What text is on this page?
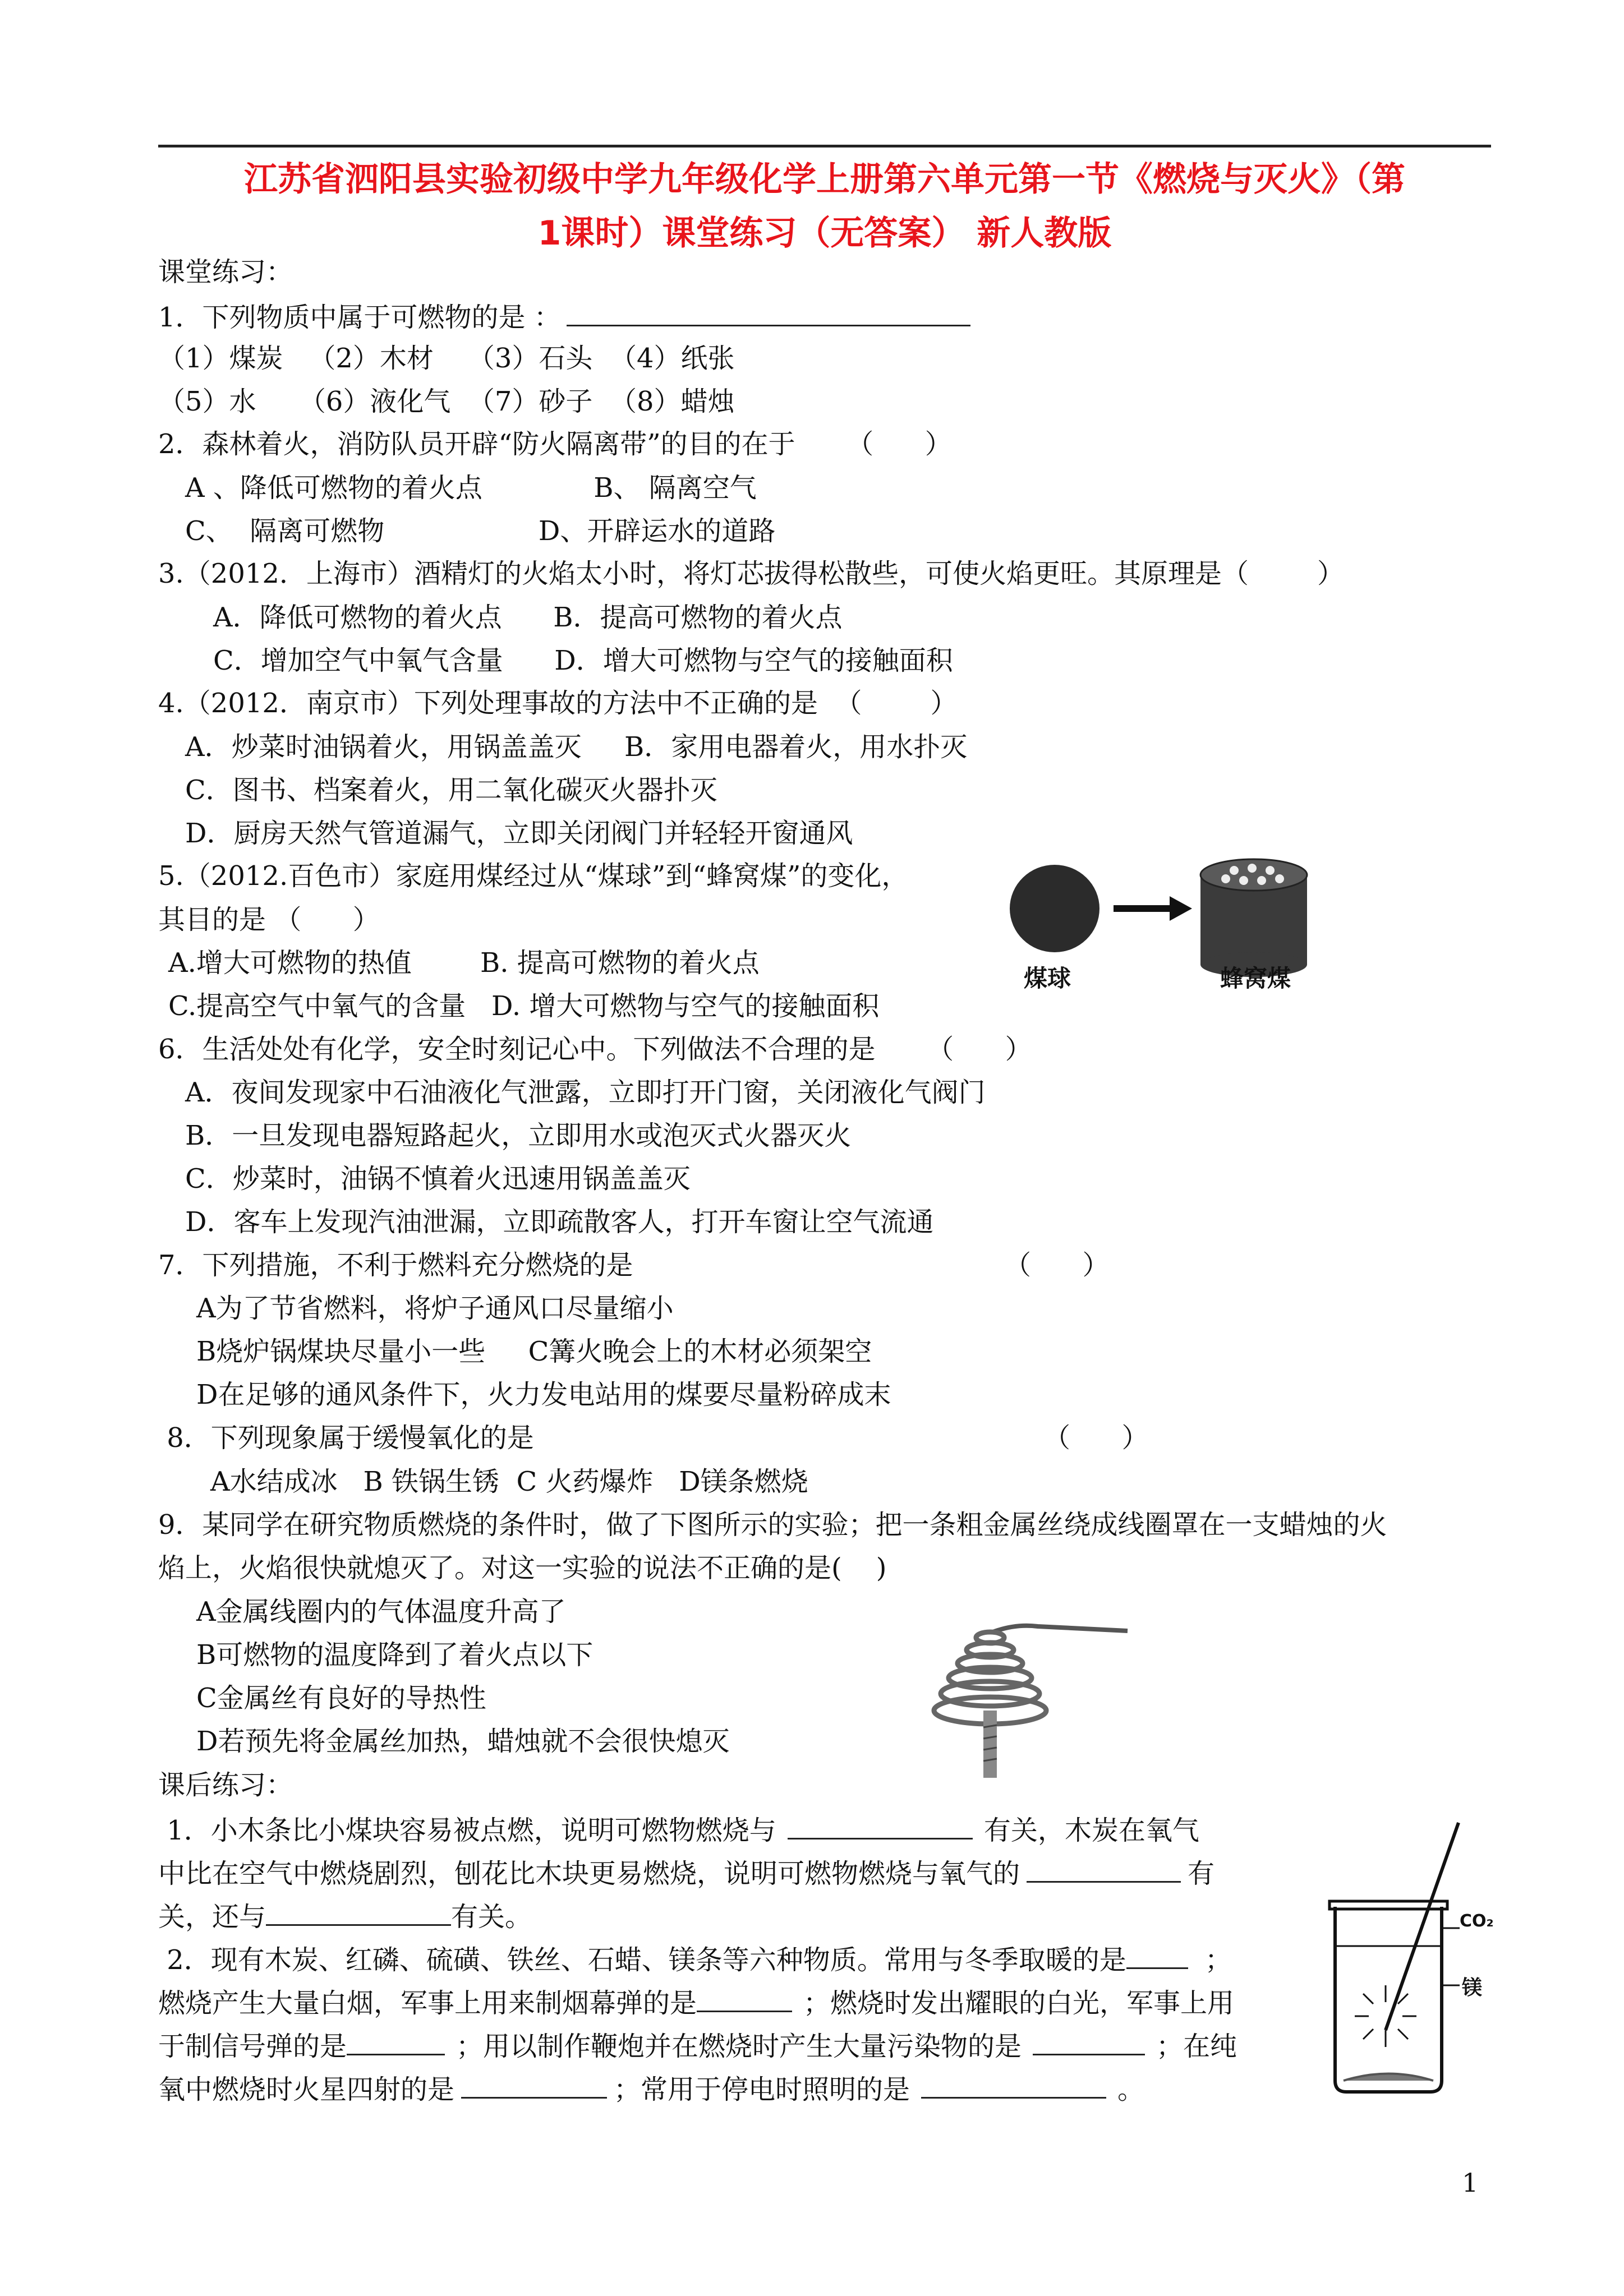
江苏省泗阳县实验初级中学九年级化学上册第六单元第一节《燃烧与灭火》（第
1课时）课堂练习（无答案） 新人教版
课堂练习：
1．下列物质中属于可燃物的是 ：
（1）煤炭   （2）木材    （3）石头  （4）纸张
（5）水     （6）液化气  （7）砂子  （8）蜡烛
2．森林着火，消防队员开辟“防火隔离带”的目的在于      （      ）
A 、降低可燃物的着火点             B、 隔离空气
C、  隔离可燃物                  D、开辟运水的道路
3.（2012．上海市）酒精灯的火焰太小时，将灯芯拔得松散些，可使火焰更旺。其原理是（        ）
A．降低可燃物的着火点      B．提高可燃物的着火点
C．增加空气中氧气含量      D．增大可燃物与空气的接触面积
4.（2012．南京市）下列处理事故的方法中不正确的是  （        ）
A．炒菜时油锅着火，用锅盖盖灭     B．家用电器着火，用水扑灭
C．图书、档案着火，用二氧化碳灭火器扑灭
D．厨房天然气管道漏气，立即关闭阀门并轻轻开窗通风
5.（2012.百色市）家庭用煤经过从“煤球”到“蜂窝煤”的变化，
其目的是 （      ）
A.增大可燃物的热值        B. 提高可燃物的着火点
C.提高空气中氧气的含量   D. 增大可燃物与空气的接触面积
煤球	蜂窝煤
6．生活处处有化学，安全时刻记心中。下列做法不合理的是      （      ）
A．夜间发现家中石油液化气泄露，立即打开门窗，关闭液化气阀门
B．一旦发现电器短路起火，立即用水或泡灭式火器灭火
C．炒菜时，油锅不慎着火迅速用锅盖盖灭
D．客车上发现汽油泄漏，立即疏散客人，打开车窗让空气流通
7．下列措施，不利于燃料充分燃烧的是	（      ）
A为了节省燃料，将炉子通风口尽量缩小
B烧炉锅煤块尽量小一些     C篝火晚会上的木材必须架空
D在足够的通风条件下，火力发电站用的煤要尽量粉碎成末
8．下列现象属于缓慢氧化的是	（      ）
A水结成冰   B 铁锅生锈  C 火药爆炸   D镁条燃烧
9．某同学在研究物质燃烧的条件时，做了下图所示的实验；把一条粗金属丝绕成线圈罩在一支蜡烛的火
焰上，火焰很快就熄灭了。对这一实验的说法不正确的是(    )
A金属线圈内的气体温度升高了
B可燃物的温度降到了着火点以下
C金属丝有良好的导热性
D若预先将金属丝加热，蜡烛就不会很快熄灭
课后练习：
1．小木条比小煤块容易被点燃，说明可燃物燃烧与	有关，木炭在氧气
中比在空气中燃烧剧烈，刨花比木块更易燃烧，说明可燃物燃烧与氧气的	有
关，还与	有关。
2．现有木炭、红磷、硫磺、铁丝、石蜡、镁条等六种物质。常用与冬季取暖的是	；
燃烧产生大量白烟，军事上用来制烟幕弹的是	；燃烧时发出耀眼的白光，军事上用
于制信号弹的是	；用以制作鞭炮并在燃烧时产生大量污染物的是	；在纯
氧中燃烧时火星四射的是	；常用于停电时照明的是	。
CO₂
镁
1
